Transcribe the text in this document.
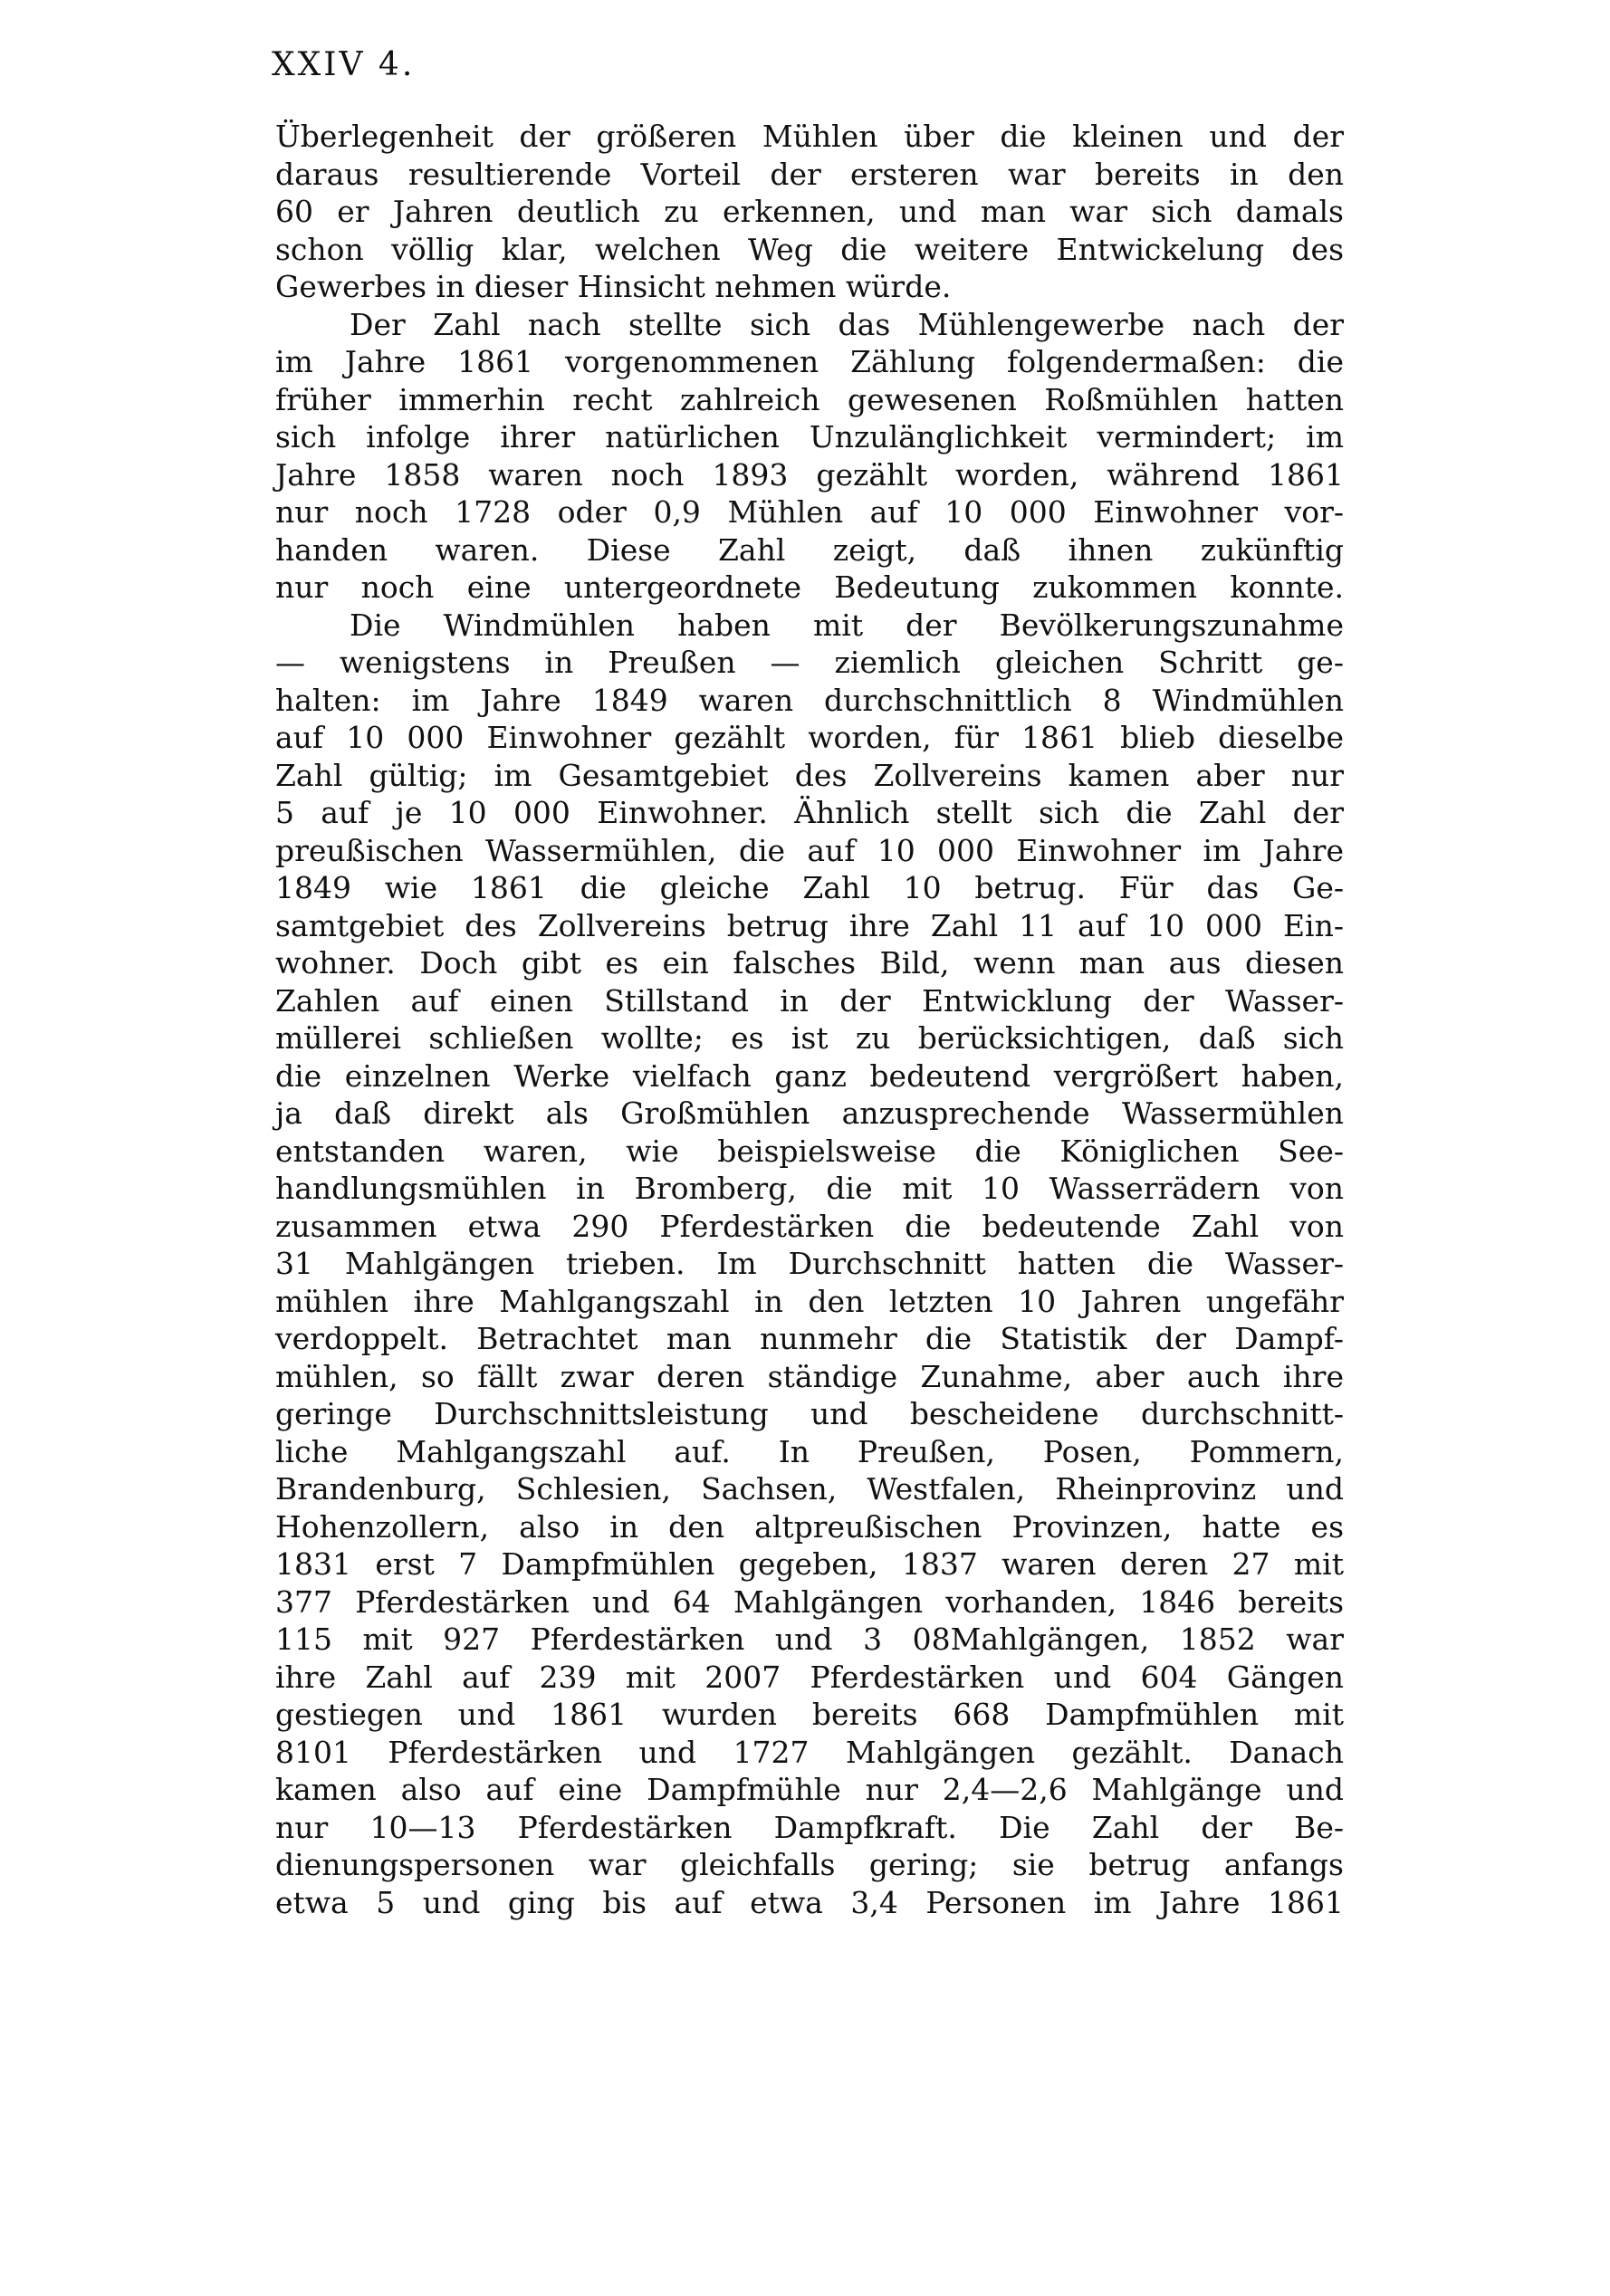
XXIV 4.
Überlegenheit der größeren Mühlen über die kleinen und der
daraus resultierende Vorteil der ersteren war bereits in den
60 er Jahren deutlich zu erkennen, und man war sich damals
schon völlig klar, welchen Weg die weitere Entwickelung des
Gewerbes in dieser Hinsicht nehmen würde.
Der Zahl nach stellte sich das Mühlengewerbe nach der
im Jahre 1861 vorgenommenen Zählung folgendermaßen: die
früher immerhin recht zahlreich gewesenen Roßmühlen hatten
sich infolge ihrer natürlichen Unzulänglichkeit vermindert; im
Jahre 1858 waren noch 1893 gezählt worden, während 1861
nur noch 1728 oder 0,9 Mühlen auf 10 000 Einwohner vor-
handen waren. Diese Zahl zeigt, daß ihnen zukünftig
nur noch eine untergeordnete Bedeutung zukommen konnte.
Die Windmühlen haben mit der Bevölkerungszunahme
— wenigstens in Preußen — ziemlich gleichen Schritt ge-
halten: im Jahre 1849 waren durchschnittlich 8 Windmühlen
auf 10 000 Einwohner gezählt worden, für 1861 blieb dieselbe
Zahl gültig; im Gesamtgebiet des Zollvereins kamen aber nur
5 auf je 10 000 Einwohner. Ähnlich stellt sich die Zahl der
preußischen Wassermühlen, die auf 10 000 Einwohner im Jahre
1849 wie 1861 die gleiche Zahl 10 betrug. Für das Ge-
samtgebiet des Zollvereins betrug ihre Zahl 11 auf 10 000 Ein-
wohner. Doch gibt es ein falsches Bild, wenn man aus diesen
Zahlen auf einen Stillstand in der Entwicklung der Wasser-
müllerei schließen wollte; es ist zu berücksichtigen, daß sich
die einzelnen Werke vielfach ganz bedeutend vergrößert haben,
ja daß direkt als Großmühlen anzusprechende Wassermühlen
entstanden waren, wie beispielsweise die Königlichen See-
handlungsmühlen in Bromberg, die mit 10 Wasserrädern von
zusammen etwa 290 Pferdestärken die bedeutende Zahl von
31 Mahlgängen trieben. Im Durchschnitt hatten die Wasser-
mühlen ihre Mahlgangszahl in den letzten 10 Jahren ungefähr
verdoppelt. Betrachtet man nunmehr die Statistik der Dampf-
mühlen, so fällt zwar deren ständige Zunahme, aber auch ihre
geringe Durchschnittsleistung und bescheidene durchschnitt-
liche Mahlgangszahl auf. In Preußen, Posen, Pommern,
Brandenburg, Schlesien, Sachsen, Westfalen, Rheinprovinz und
Hohenzollern, also in den altpreußischen Provinzen, hatte es
1831 erst 7 Dampfmühlen gegeben, 1837 waren deren 27 mit
377 Pferdestärken und 64 Mahlgängen vorhanden, 1846 bereits
115 mit 927 Pferdestärken und 3 08Mahlgängen, 1852 war
ihre Zahl auf 239 mit 2007 Pferdestärken und 604 Gängen
gestiegen und 1861 wurden bereits 668 Dampfmühlen mit
8101 Pferdestärken und 1727 Mahlgängen gezählt. Danach
kamen also auf eine Dampfmühle nur 2,4—2,6 Mahlgänge und
nur 10—13 Pferdestärken Dampfkraft. Die Zahl der Be-
dienungspersonen war gleichfalls gering; sie betrug anfangs
etwa 5 und ging bis auf etwa 3,4 Personen im Jahre 1861
